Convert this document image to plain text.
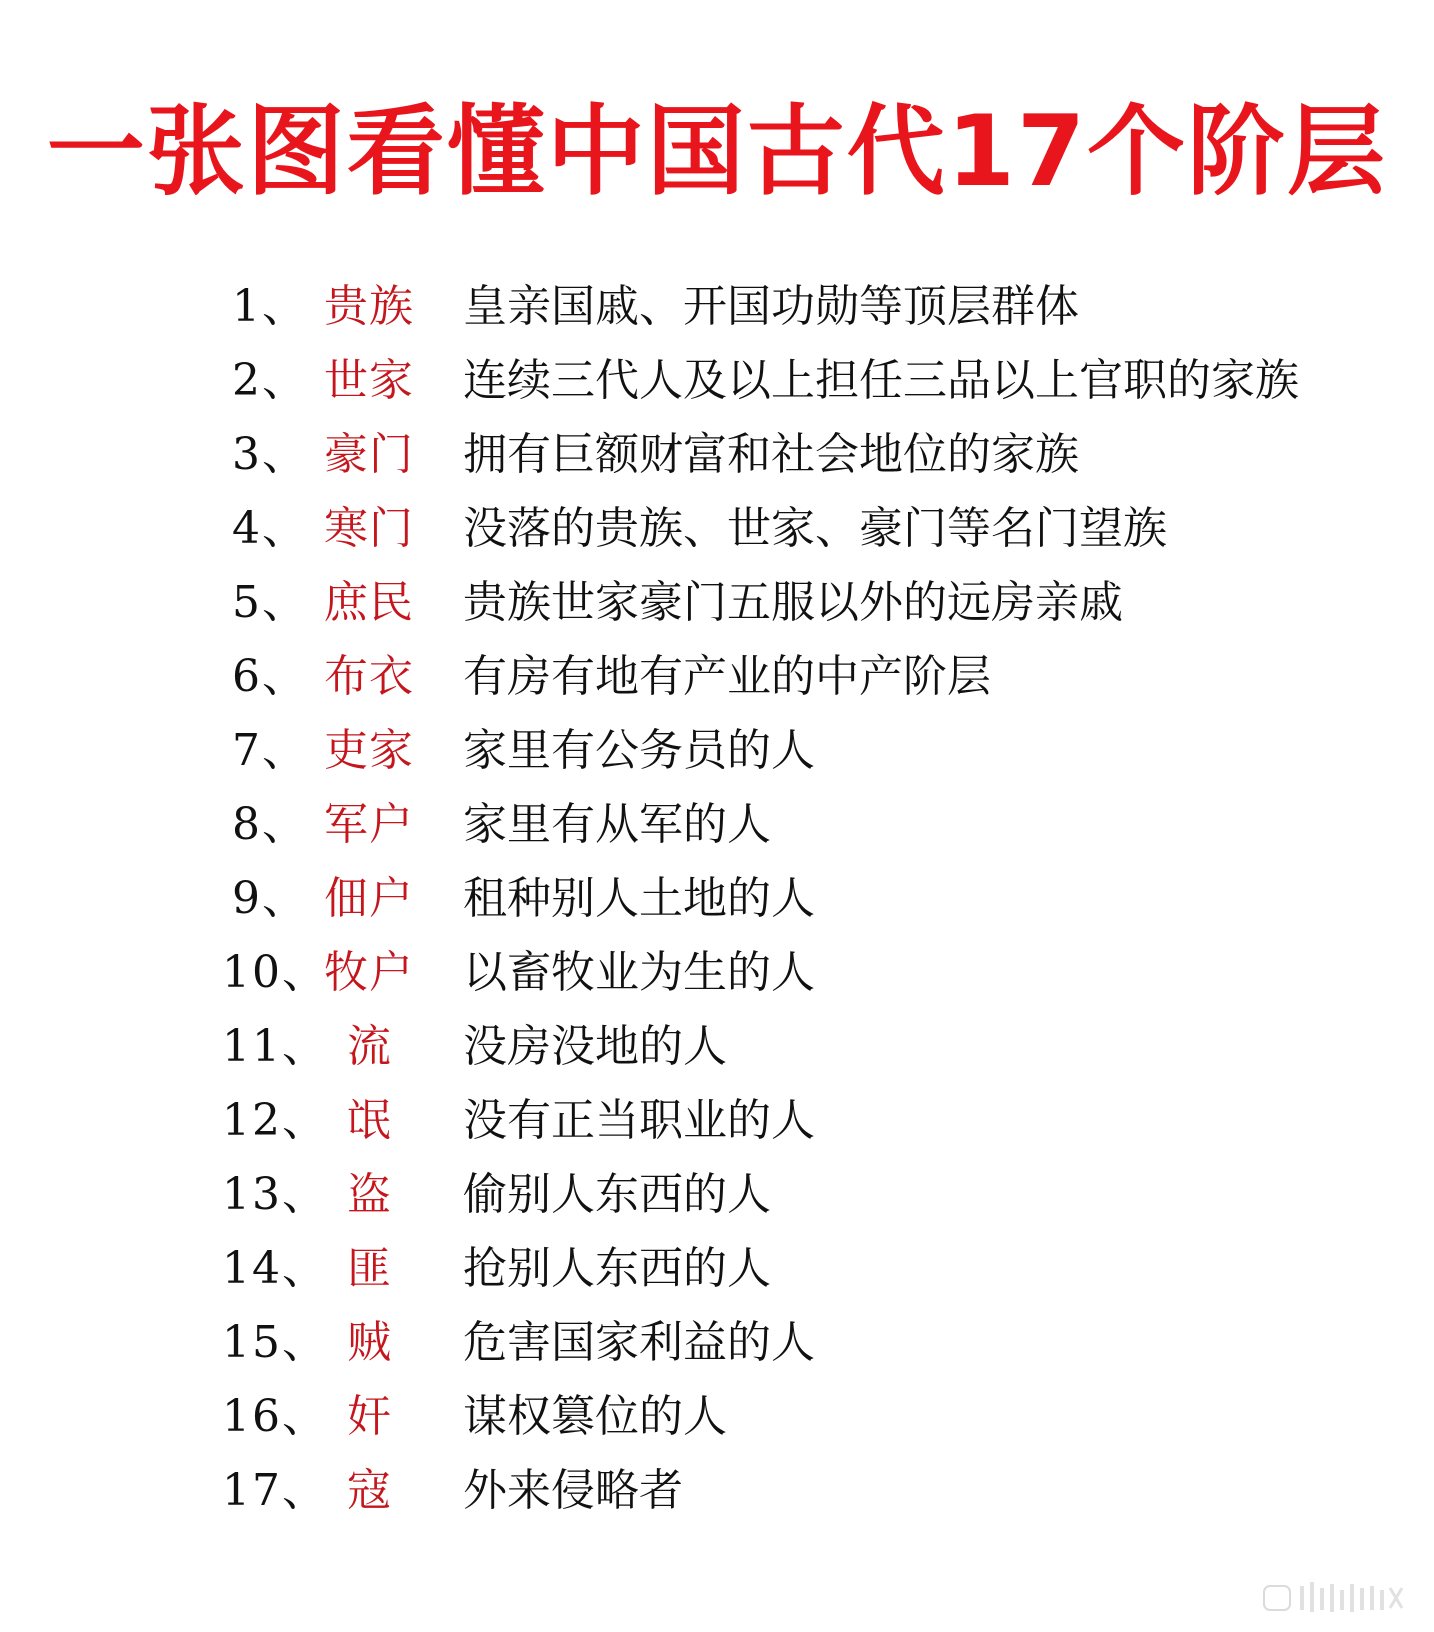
一张图看懂中国古代17个阶层
1、 贵族 皇亲国戚、开国功勋等顶层群体
2、 世家 连续三代人及以上担任三品以上官职的家族
3、 豪门 拥有巨额财富和社会地位的家族
4、 寒门 没落的贵族、世家、豪门等名门望族
5、 庶民 贵族世家豪门五服以外的远房亲戚
6、 布衣 有房有地有产业的中产阶层
7、 吏家 家里有公务员的人
8、 军户 家里有从军的人
9、 佃户 租种别人土地的人
10、
牧户 以畜牧业为生的人
11、 流 没房没地的人
12、 氓 没有正当职业的人
13、 盗 偷别人东西的人
14、 匪 抢别人东西的人
15、 贼 危害国家利益的人
16、 奸 谋权篡位的人
17、 寇 外来侵略者
